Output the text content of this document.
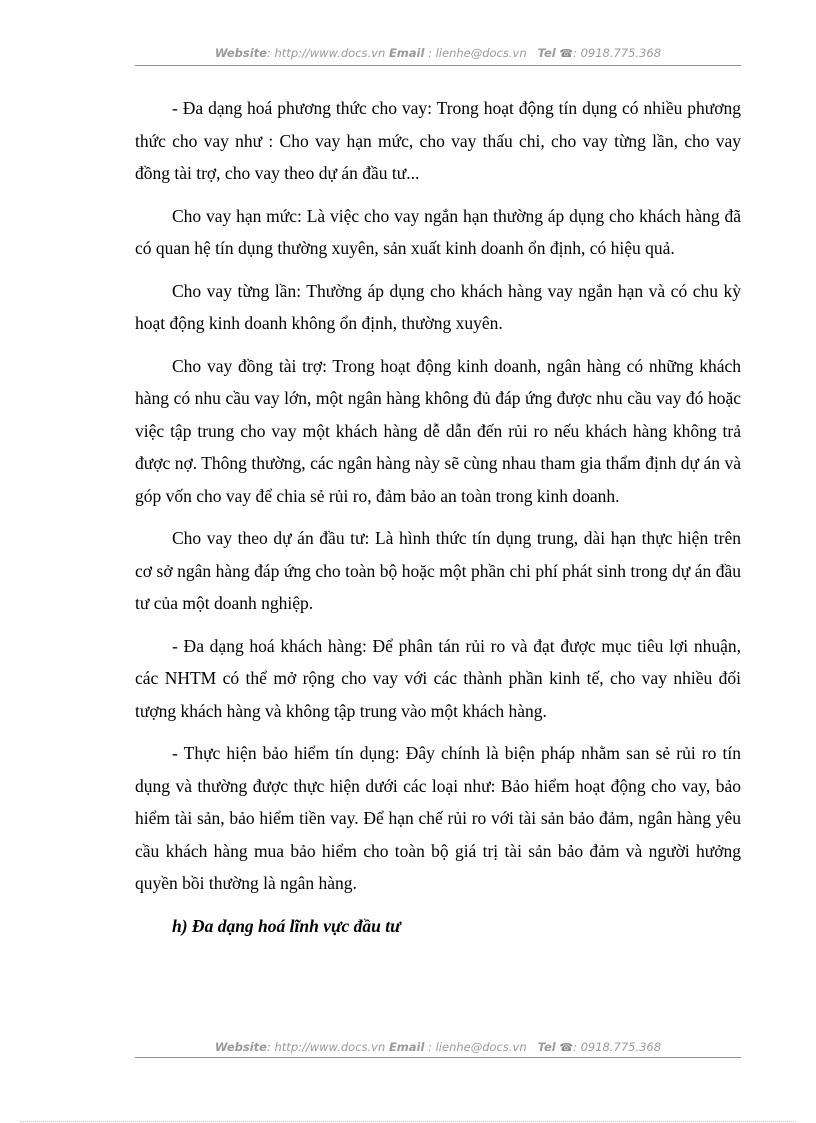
Website: http://www.docs.vn Email : lienhe@docs.vn Tel ☎: 0918.775.368

- Đa dạng hoá phương thức cho vay: Trong hoạt động tín dụng có nhiều phương thức cho vay như : Cho vay hạn mức, cho vay thấu chi, cho vay từng lần, cho vay đồng tài trợ, cho vay theo dự án đầu tư...

Cho vay hạn mức: Là việc cho vay ngắn hạn thường áp dụng cho khách hàng đã có quan hệ tín dụng thường xuyên, sản xuất kinh doanh ổn định, có hiệu quả.

Cho vay từng lần: Thường áp dụng cho khách hàng vay ngắn hạn và có chu kỳ hoạt động kinh doanh không ổn định, thường xuyên.

Cho vay đồng tài trợ: Trong hoạt động kinh doanh, ngân hàng có những khách hàng có nhu cầu vay lớn, một ngân hàng không đủ đáp ứng được nhu cầu vay đó hoặc việc tập trung cho vay một khách hàng dễ dẫn đến rủi ro nếu khách hàng không trả được nợ. Thông thường, các ngân hàng này sẽ cùng nhau tham gia thẩm định dự án và góp vốn cho vay để chia sẻ rủi ro, đảm bảo an toàn trong kinh doanh.

Cho vay theo dự án đầu tư: Là hình thức tín dụng trung, dài hạn thực hiện trên cơ sở ngân hàng đáp ứng cho toàn bộ hoặc một phần chi phí phát sinh trong dự án đầu tư của một doanh nghiệp.

- Đa dạng hoá khách hàng: Để phân tán rủi ro và đạt được mục tiêu lợi nhuận, các NHTM có thể mở rộng cho vay với các thành phần kinh tế, cho vay nhiều đối tượng khách hàng và không tập trung vào một khách hàng.

- Thực hiện bảo hiểm tín dụng: Đây chính là biện pháp nhằm san sẻ rủi ro tín dụng và thường được thực hiện dưới các loại như: Bảo hiểm hoạt động cho vay, bảo hiểm tài sản, bảo hiểm tiền vay. Để hạn chế rủi ro với tài sản bảo đảm, ngân hàng yêu cầu khách hàng mua bảo hiểm cho toàn bộ giá trị tài sản bảo đảm và người hưởng quyền bồi thường là ngân hàng.

h) Đa dạng hoá lĩnh vực đầu tư

Website: http://www.docs.vn Email : lienhe@docs.vn Tel ☎: 0918.775.368
